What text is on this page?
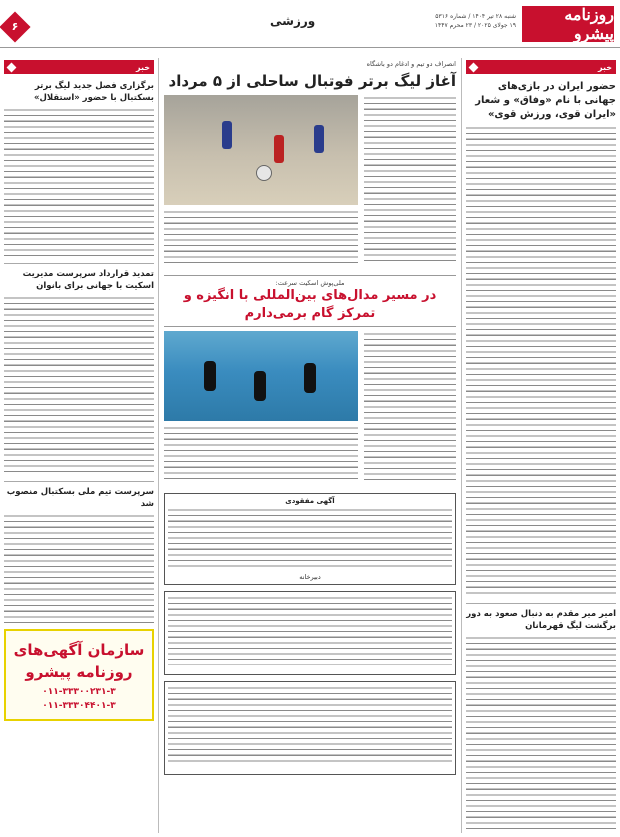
روزنامه پیشرو
شنبه ۲۸ تیر ۱۴۰۴ / شماره ۵۳۱۶
۱۹ جولای ۲۰۲۵ / ۲۳ محرم ۱۴۴۷
ورزشی
۶
خبر
حضور ایران در بازی‌های جهانی با نام «وفاق» و شعار «ایران قوی، ورزش قوی»
امیر میر مقدم به دنبال صعود به دور برگشت لیگ قهرمانان
خبر
برگزاری فصل جدید لیگ برتر بسکتبال با حضور «استقلال»
تمدید قرارداد سرپرست مدیریت اسکیت با جهانی برای بانوان
سرپرست تیم ملی بسکتبال منصوب شد
سازمان آگهی‌های روزنامه پیشرو
۰۱۱-۳۳۳۰۰۲۳۱-۳
۰۱۱-۳۳۳۰۴۴۰۱-۳
انصراف دو تیم و ادغام دو باشگاه
آغاز لیگ برتر فوتبال ساحلی از ۵ مرداد
ملی‌پوش اسکیت سرعت:
در مسیر مدال‌های بین‌المللی با انگیزه و تمرکز گام برمی‌دارم
آگهی مفقودی
دبیرخانه
